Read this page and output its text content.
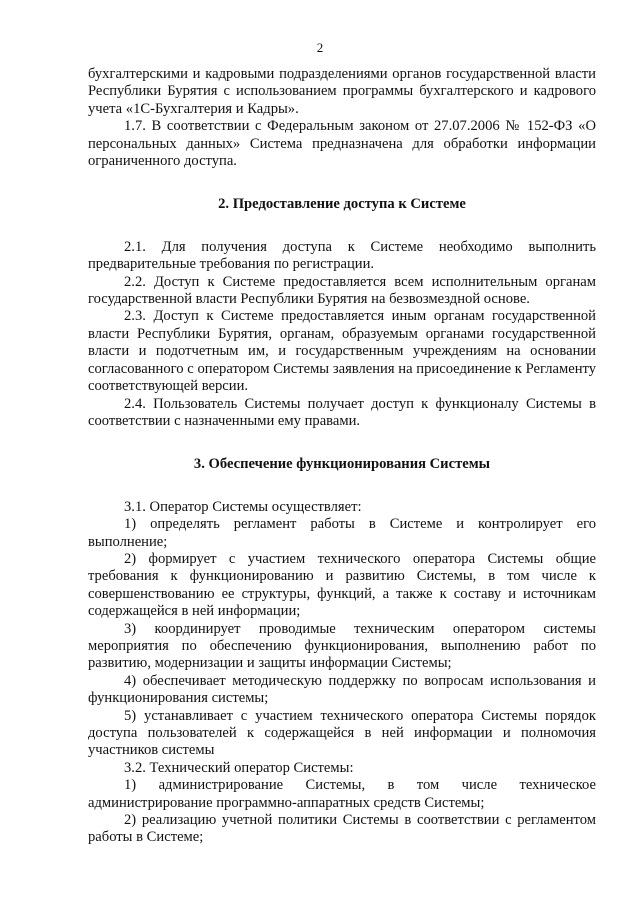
2

бухгалтерскими и кадровыми подразделениями органов государственной власти Республики Бурятия с использованием программы бухгалтерского и кадрового учета «1С-Бухгалтерия и Кадры».

1.7. В соответствии с Федеральным законом от 27.07.2006 № 152-ФЗ «О персональных данных» Система предназначена для обработки информации ограниченного доступа.

2. Предоставление доступа к Системе

2.1. Для получения доступа к Системе необходимо выполнить предварительные требования по регистрации.

2.2. Доступ к Системе предоставляется всем исполнительным органам государственной власти Республики Бурятия на безвозмездной основе.

2.3. Доступ к Системе предоставляется иным органам государственной власти Республики Бурятия, органам, образуемым органами государственной власти и подотчетным им, и государственным учреждениям на основании согласованного с оператором Системы заявления на присоединение к Регламенту соответствующей версии.

2.4. Пользователь Системы получает доступ к функционалу Системы в соответствии с назначенными ему правами.

3. Обеспечение функционирования Системы

3.1. Оператор Системы осуществляет:

1) определять регламент работы в Системе и контролирует его выполнение;

2) формирует с участием технического оператора Системы общие требования к функционированию и развитию Системы, в том числе к совершенствованию ее структуры, функций, а также к составу и источникам содержащейся в ней информации;

3) координирует проводимые техническим оператором системы мероприятия по обеспечению функционирования, выполнению работ по развитию, модернизации и защиты информации Системы;

4) обеспечивает методическую поддержку по вопросам использования и функционирования системы;

5) устанавливает с участием технического оператора Системы порядок доступа пользователей к содержащейся в ней информации и полномочия участников системы

3.2. Технический оператор Системы:

1) администрирование Системы, в том числе техническое администрирование программно-аппаратных средств Системы;

2) реализацию учетной политики Системы в соответствии с регламентом работы в Системе;
